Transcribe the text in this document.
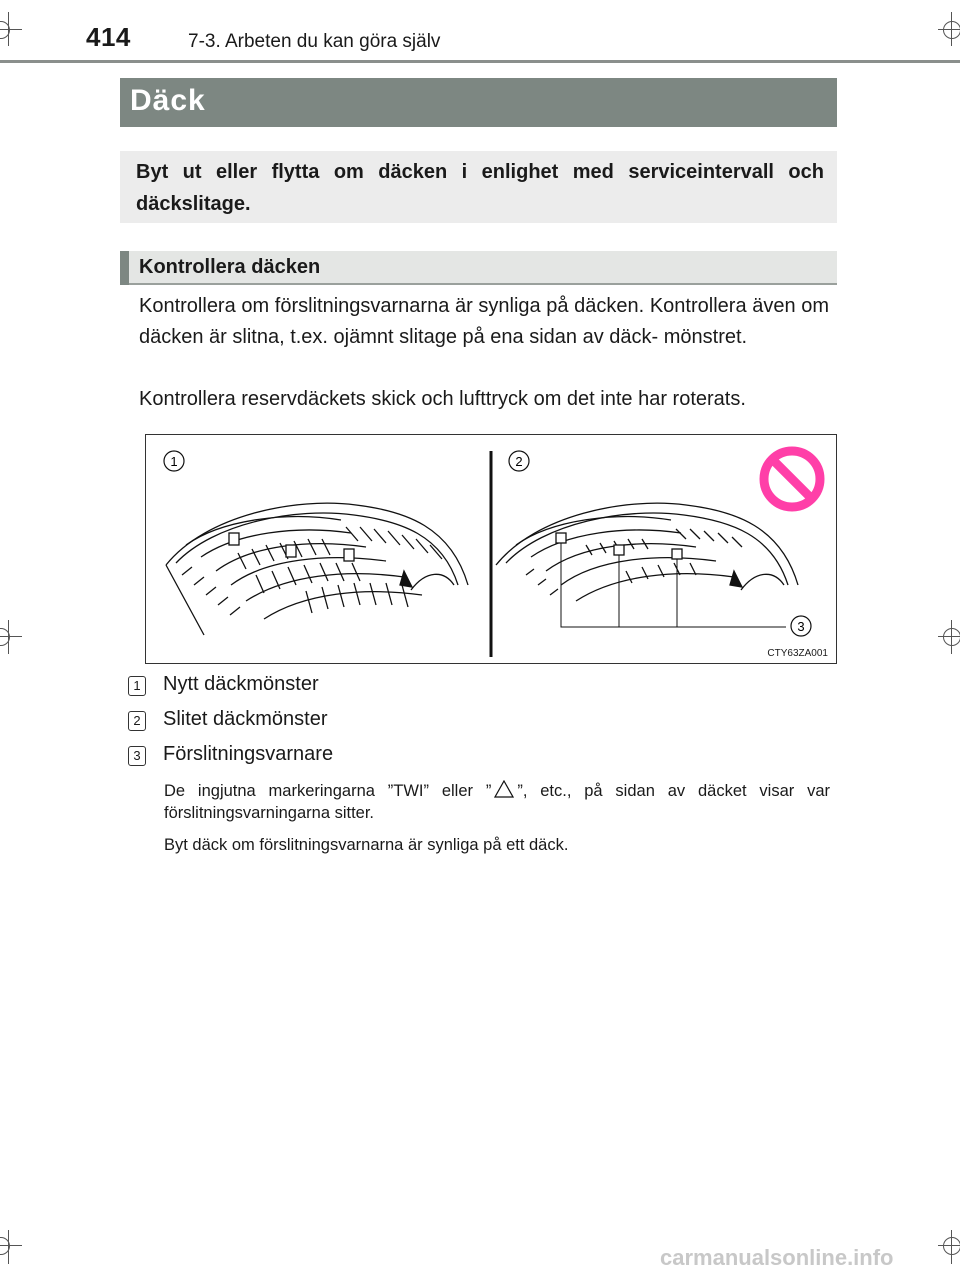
414	7-3. Arbeten du kan göra själv
Däck
Byt ut eller flytta om däcken i enlighet med serviceintervall och däckslitage.
Kontrollera däcken
Kontrollera om förslitningsvarnarna är synliga på däcken. Kontrollera även om däcken är slitna, t.ex. ojämnt slitage på ena sidan av däck- mönstret.
Kontrollera reservdäckets skick och lufttryck om det inte har roterats.
1	2
3
CTY63ZA001
1 Nytt däckmönster
2 Slitet däckmönster
3 Förslitningsvarnare
De ingjutna markeringarna ”TWI” eller ” ”, etc., på sidan av däcket visar var förslitningsvarningarna sitter.
Byt däck om förslitningsvarnarna är synliga på ett däck.
carmanualsonline.info
